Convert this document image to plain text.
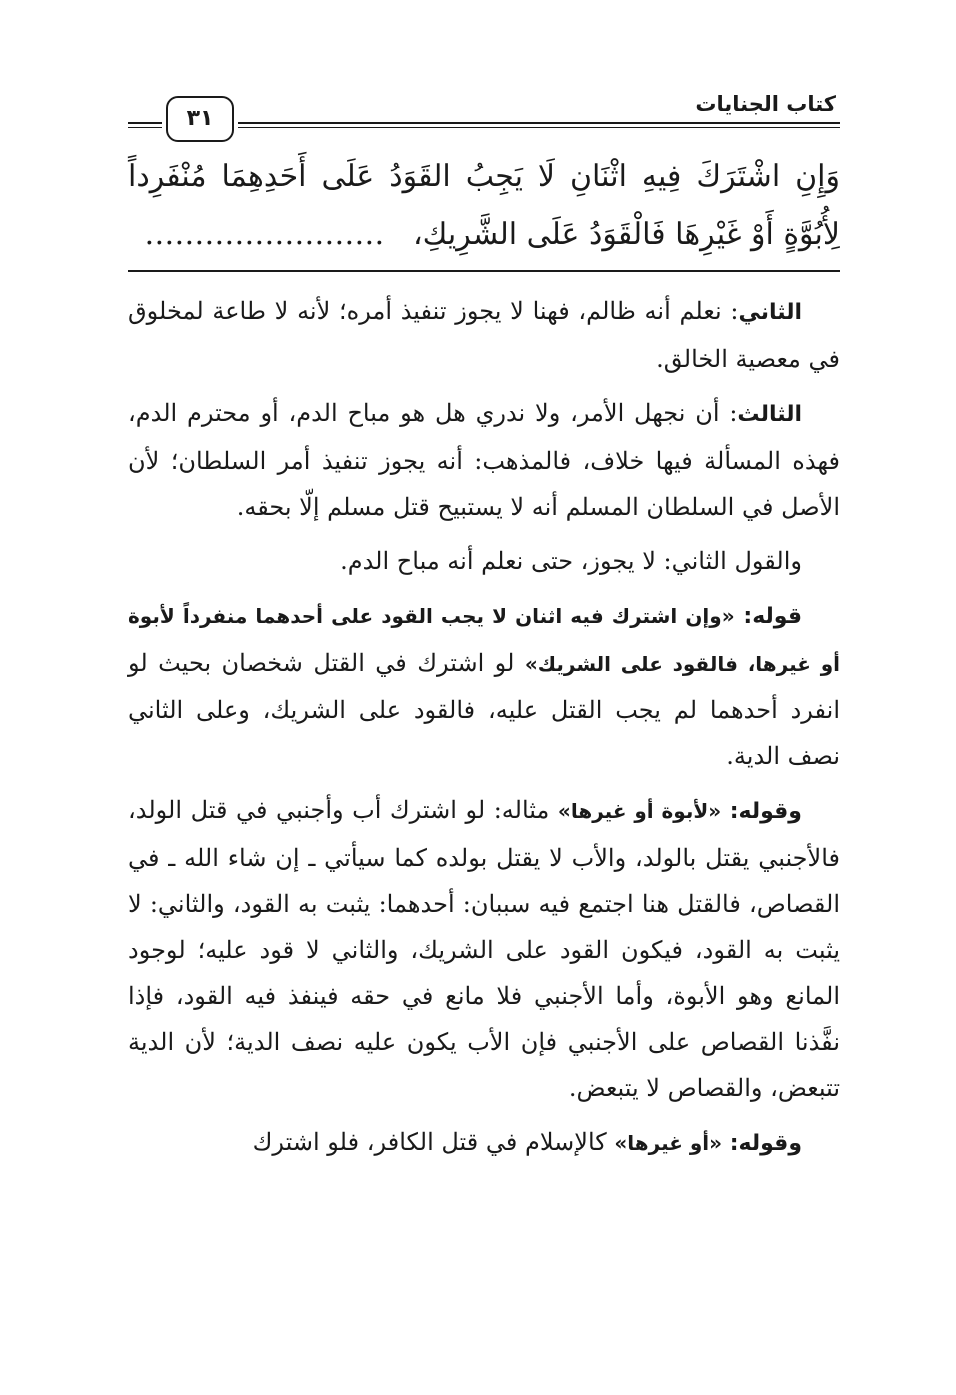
كتاب الجنايات
٣١
وَإِنِ اشْتَرَكَ فِيهِ اثْنَانِ لَا يَجِبُ القَوَدُ عَلَى أَحَدِهِمَا مُنْفَرِداً
لِأُبُوَّةٍ أَوْ غَيْرِهَا فَالْقَوَدُ عَلَى الشَّرِيكِ،   ……………………

الثاني: نعلم أنه ظالم، فهنا لا يجوز تنفيذ أمره؛ لأنه لا طاعة لمخلوق في معصية الخالق.

الثالث: أن نجهل الأمر، ولا ندري هل هو مباح الدم، أو محترم الدم، فهذه المسألة فيها خلاف، فالمذهب: أنه يجوز تنفيذ أمر السلطان؛ لأن الأصل في السلطان المسلم أنه لا يستبيح قتل مسلم إلّا بحقه.

والقول الثاني: لا يجوز، حتى نعلم أنه مباح الدم.

قوله: «وإن اشترك فيه اثنان لا يجب القود على أحدهما منفرداً لأبوة أو غيرها، فالقود على الشريك» لو اشترك في القتل شخصان بحيث لو انفرد أحدهما لم يجب القتل عليه، فالقود على الشريك، وعلى الثاني نصف الدية.

وقوله: «لأبوة أو غيرها» مثاله: لو اشترك أب وأجنبي في قتل الولد، فالأجنبي يقتل بالولد، والأب لا يقتل بولده كما سيأتي ـ إن شاء الله ـ في القصاص، فالقتل هنا اجتمع فيه سببان: أحدهما: يثبت به القود، والثاني: لا يثبت به القود، فيكون القود على الشريك، والثاني لا قود عليه؛ لوجود المانع وهو الأبوة، وأما الأجنبي فلا مانع في حقه فينفذ فيه القود، فإذا نفَّذنا القصاص على الأجنبي فإن الأب يكون عليه نصف الدية؛ لأن الدية تتبعض، والقصاص لا يتبعض.

وقوله: «أو غيرها» كالإسلام في قتل الكافر، فلو اشترك
